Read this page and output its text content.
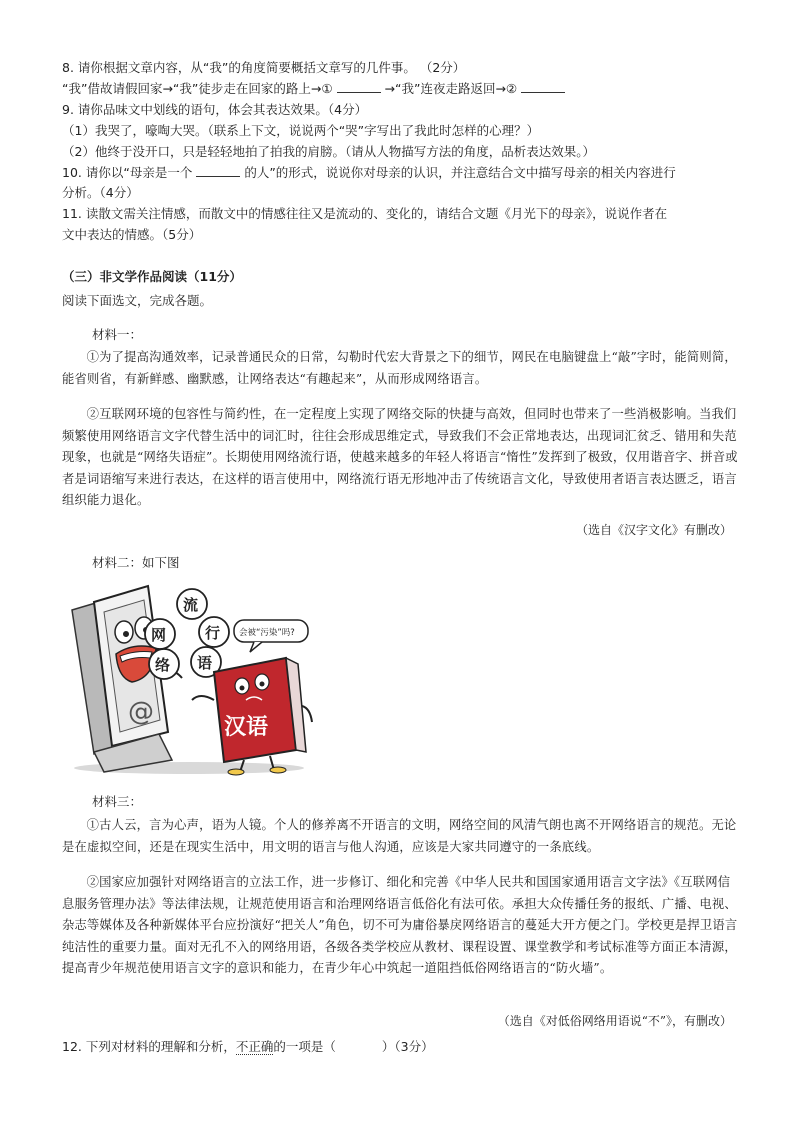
8. 请你根据文章内容，从“我”的角度简要概括文章写的几件事。 （2分）
“我”借故请假回家→“我”徒步走在回家的路上→①	→“我”连夜走路返回→②
9. 请你品味文中划线的语句，体会其表达效果。（4分）
（1）我哭了，嚎啕大哭。（联系上下文，说说两个“哭”字写出了我此时怎样的心理？）
（2）他终于没开口，只是轻轻地拍了拍我的肩膀。（请从人物描写方法的角度，品析表达效果。）
10. 请你以“母亲是一个	的人”的形式，说说你对母亲的认识，并注意结合文中描写母亲的相关内容进行
分析。（4分）
11. 读散文需关注情感，而散文中的情感往往又是流动的、变化的，请结合文题《月光下的母亲》，说说作者在
文中表达的情感。（5分）
（三）非文学作品阅读（11分）
阅读下面选文，完成各题。
材料一：

①为了提高沟通效率，记录普通民众的日常，勾勒时代宏大背景之下的细节，网民在电脑键盘上“敲”字时，能简则简，能省则省，有新鲜感、幽默感，让网络表达“有趣起来”，从而形成网络语言。

②互联网环境的包容性与简约性，在一定程度上实现了网络交际的快捷与高效，但同时也带来了一些消极影响。当我们频繁使用网络语言文字代替生活中的词汇时，往往会形成思维定式，导致我们不会正常地表达，出现词汇贫乏、错用和失范现象，也就是“网络失语症”。长期使用网络流行语，使越来越多的年轻人将语言“惰性”发挥到了极致，仅用谐音字、拼音或者是词语缩写来进行表达，在这样的语言使用中，网络流行语无形地冲击了传统语言文化，导致使用者语言表达匮乏，语言组织能力退化。

（选自《汉字文化》有删改）
材料二：如下图
@
网
络
流
行
语
会被“污染”吗?
汉语
材料三：

①古人云，言为心声，语为人镜。个人的修养离不开语言的文明，网络空间的风清气朗也离不开网络语言的规范。无论是在虚拟空间，还是在现实生活中，用文明的语言与他人沟通，应该是大家共同遵守的一条底线。

②国家应加强针对网络语言的立法工作，进一步修订、细化和完善《中华人民共和国国家通用语言文字法》《互联网信息服务管理办法》等法律法规，让规范使用语言和治理网络语言低俗化有法可依。承担大众传播任务的报纸、广播、电视、杂志等媒体及各种新媒体平台应扮演好“把关人”角色，切不可为庸俗暴戾网络语言的蔓延大开方便之门。学校更是捍卫语言纯洁性的重要力量。面对无孔不入的网络用语，各级各类学校应从教材、课程设置、课堂教学和考试标准等方面正本清源，提高青少年规范使用语言文字的意识和能力，在青少年心中筑起一道阻挡低俗网络语言的“防火墙”。

（选自《对低俗网络用语说“不”》，有删改）
12. 下列对材料的理解和分析，不正确的一项是（	）（3分）
